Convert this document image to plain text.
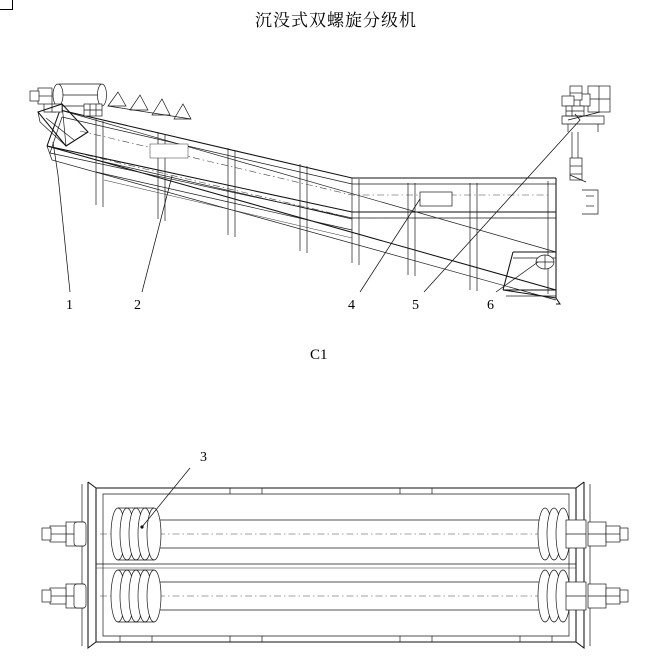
沉没式双螺旋分级机
1	2	4	5	6
C1
3
